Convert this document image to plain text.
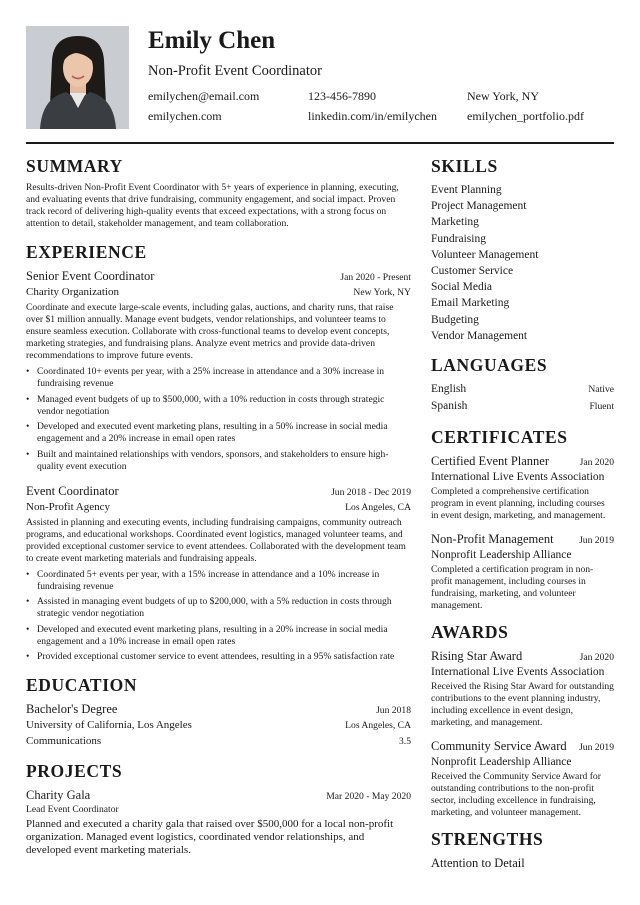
Emily Chen
Non-Profit Event Coordinator
emilychen@email.com	123-456-7890	New York, NY
emilychen.com	linkedin.com/in/emilychen	emilychen_portfolio.pdf
SUMMARY
Results-driven Non-Profit Event Coordinator with 5+ years of experience in planning, executing, and evaluating events that drive fundraising, community engagement, and social impact. Proven track record of delivering high-quality events that exceed expectations, with a strong focus on attention to detail, stakeholder management, and team collaboration.
EXPERIENCE
Senior Event Coordinator	Jan 2020 - Present
Charity Organization	New York, NY
Coordinate and execute large-scale events, including galas, auctions, and charity runs, that raise over $1 million annually. Manage event budgets, vendor relationships, and volunteer teams to ensure seamless execution. Collaborate with cross-functional teams to develop event concepts, marketing strategies, and fundraising plans. Analyze event metrics and provide data-driven recommendations to improve future events.
• Coordinated 10+ events per year, with a 25% increase in attendance and a 30% increase in fundraising revenue
• Managed event budgets of up to $500,000, with a 10% reduction in costs through strategic vendor negotiation
• Developed and executed event marketing plans, resulting in a 50% increase in social media engagement and a 20% increase in email open rates
• Built and maintained relationships with vendors, sponsors, and stakeholders to ensure high-quality event execution
Event Coordinator	Jun 2018 - Dec 2019
Non-Profit Agency	Los Angeles, CA
Assisted in planning and executing events, including fundraising campaigns, community outreach programs, and educational workshops. Coordinated event logistics, managed volunteer teams, and provided exceptional customer service to event attendees. Collaborated with the development team to create event marketing materials and fundraising appeals.
• Coordinated 5+ events per year, with a 15% increase in attendance and a 10% increase in fundraising revenue
• Assisted in managing event budgets of up to $200,000, with a 5% reduction in costs through strategic vendor negotiation
• Developed and executed event marketing plans, resulting in a 20% increase in social media engagement and a 10% increase in email open rates
• Provided exceptional customer service to event attendees, resulting in a 95% satisfaction rate
EDUCATION
Bachelor's Degree	Jun 2018
University of California, Los Angeles	Los Angeles, CA
Communications	3.5
PROJECTS
Charity Gala	Mar 2020 - May 2020
Lead Event Coordinator
Planned and executed a charity gala that raised over $500,000 for a local non-profit organization. Managed event logistics, coordinated vendor relationships, and developed event marketing materials.
SKILLS
Event Planning
Project Management
Marketing
Fundraising
Volunteer Management
Customer Service
Social Media
Email Marketing
Budgeting
Vendor Management
LANGUAGES
English	Native
Spanish	Fluent
CERTIFICATES
Certified Event Planner	Jan 2020
International Live Events Association
Completed a comprehensive certification program in event planning, including courses in event design, marketing, and management.
Non-Profit Management	Jun 2019
Nonprofit Leadership Alliance
Completed a certification program in non-profit management, including courses in fundraising, marketing, and volunteer management.
AWARDS
Rising Star Award	Jan 2020
International Live Events Association
Received the Rising Star Award for outstanding contributions to the event planning industry, including excellence in event design, marketing, and management.
Community Service Award Jun 2019
Nonprofit Leadership Alliance
Received the Community Service Award for outstanding contributions to the non-profit sector, including excellence in fundraising, marketing, and volunteer management.
STRENGTHS
Attention to Detail
